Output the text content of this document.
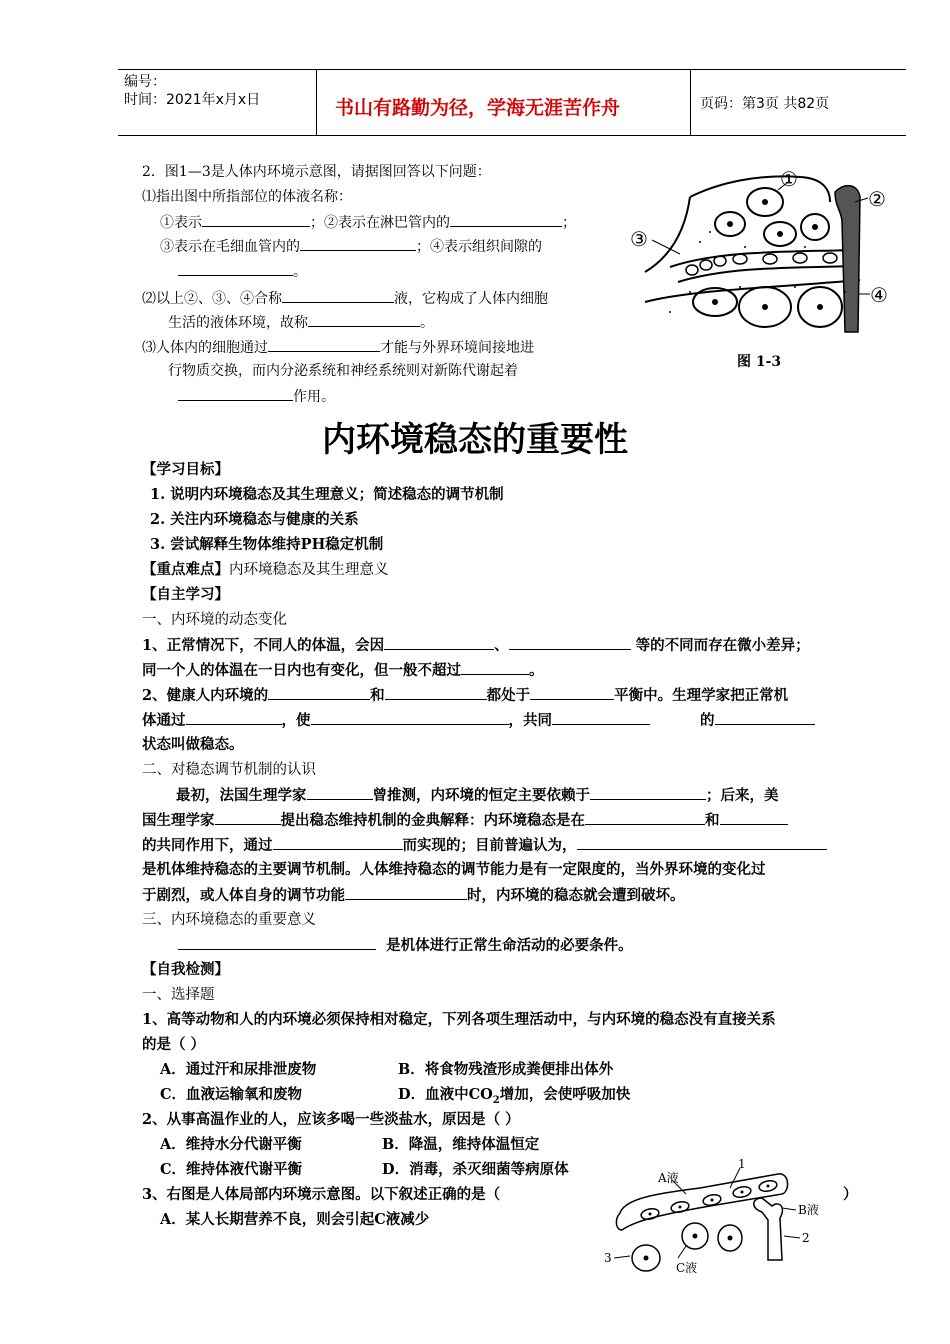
编号：
时间：2021年x月x日	书山有路勤为径，学海无涯苦作舟	页码：第3页 共82页
2．图1—3是人体内环境示意图，请据图回答以下问题：
⑴指出图中所指部位的体液名称：
①表示	；②表示在淋巴管内的	；
③表示在毛细血管内的	；④表示组织间隙的
。
⑵以上②、③、④合称	液，它构成了人体内细胞
生活的液体环境，故称	。
⑶人体内的细胞通过	才能与外界环境间接地进
行物质交换，而内分泌系统和神经系统则对新陈代谢起着
作用。
①
②
③
④
图 1-3
内环境稳态的重要性
【学习目标】
1. 说明内环境稳态及其生理意义；简述稳态的调节机制
2. 关注内环境稳态与健康的关系
3. 尝试解释生物体维持PH稳定机制
【重点难点】内环境稳态及其生理意义
【自主学习】
一、内环境的动态变化
1、正常情况下，不同人的体温，会因	、	等的不同而存在微小差异；
同一个人的体温在一日内也有变化，但一般不超过	。
2、健康人内环境的	和	都处于	平衡中。生理学家把正常机
体通过	，使	，共同	的
状态叫做稳态。
二、对稳态调节机制的认识
最初，法国生理学家	曾推测，内环境的恒定主要依赖于	；后来，美
国生理学家	提出稳态维持机制的金典解释：内环境稳态是在	和
的共同作用下，通过	而实现的；目前普遍认为，
是机体维持稳态的主要调节机制。人体维持稳态的调节能力是有一定限度的，当外界环境的变化过
于剧烈，或人体自身的调节功能	时，内环境的稳态就会遭到破坏。
三、内环境稳态的重要意义
是机体进行正常生命活动的必要条件。
【自我检测】
一、选择题
1、高等动物和人的内环境必须保持相对稳定，下列各项生理活动中，与内环境的稳态没有直接关系
的是（ ）
A．通过汗和尿排泄废物	B．将食物残渣形成粪便排出体外
C．血液运输氧和废物	D．血液中$CO_2$增加，会使呼吸加快
2、从事高温作业的人，应该多喝一些淡盐水，原因是（ ）
A．维持水分代谢平衡	B．降温，维持体温恒定
C．维持体液代谢平衡	D．消毒，杀灭细菌等病原体
3、右图是人体局部内环境示意图。以下叙述正确的是（	）
A．某人长期营养不良，则会引起C液减少
A液
1
B液
2
3
C液
